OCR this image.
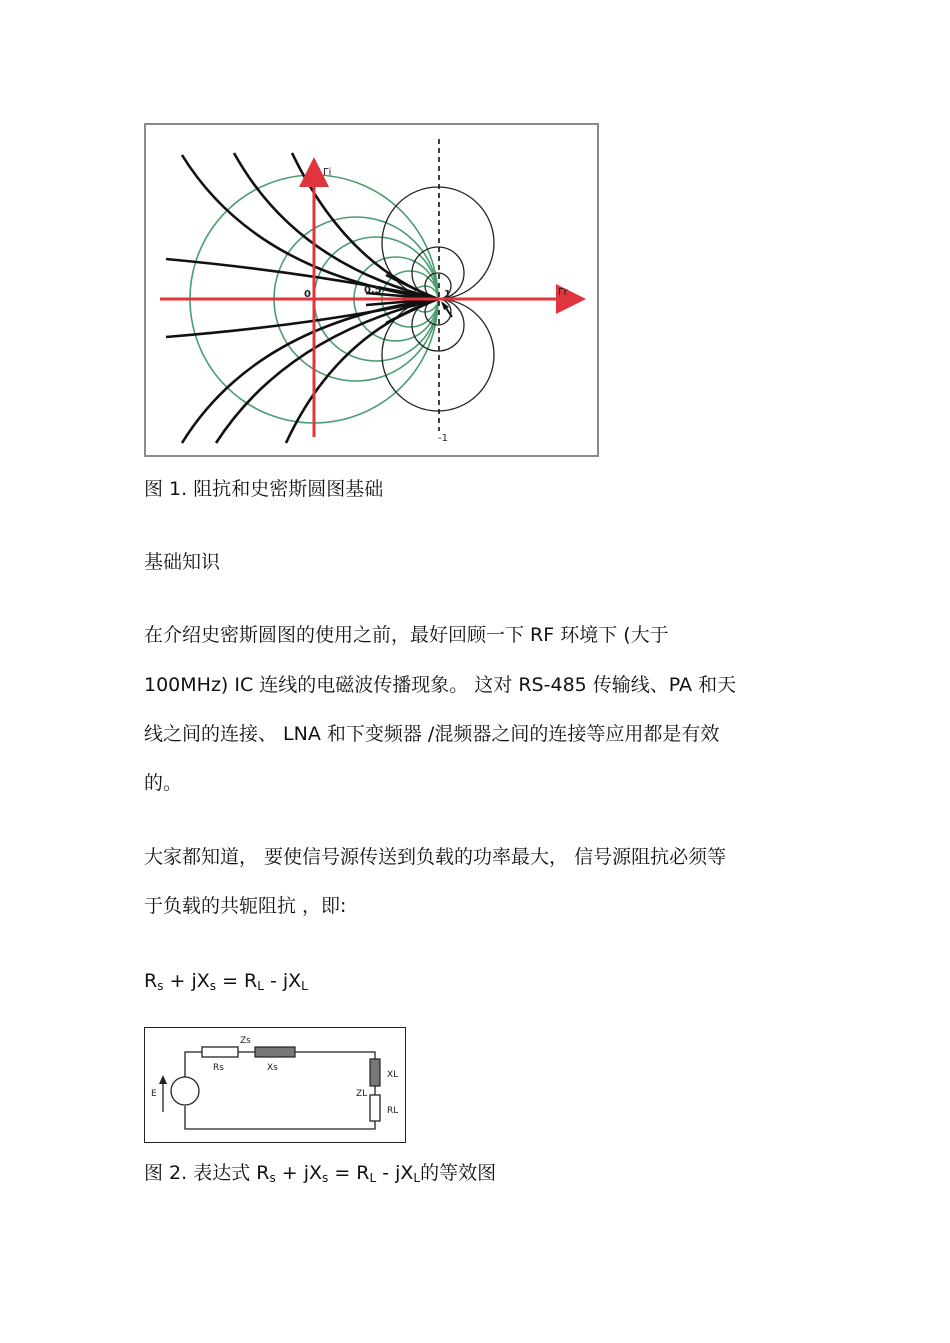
Γi
Γr
0	0.5	1
-1
图 1. 阻抗和史密斯圆图基础
基础知识
在介绍史密斯圆图的使用之前，最好回顾一下 RF 环境下 (大于
100MHz) IC 连线的电磁波传播现象。 这对 RS-485 传输线、PA 和天
线之间的连接、 LNA 和下变频器 /混频器之间的连接等应用都是有效
的。
大家都知道， 要使信号源传送到负载的功率最大， 信号源阻抗必须等
于负载的共轭阻抗 ，即:
$R_s + jX_s = R_L - jX_L$
Zs
Rs	Xs
XL
ZL
RL
E
图 2. 表达式 $R_s + jX_s = R_L - jX_L$的等效图
